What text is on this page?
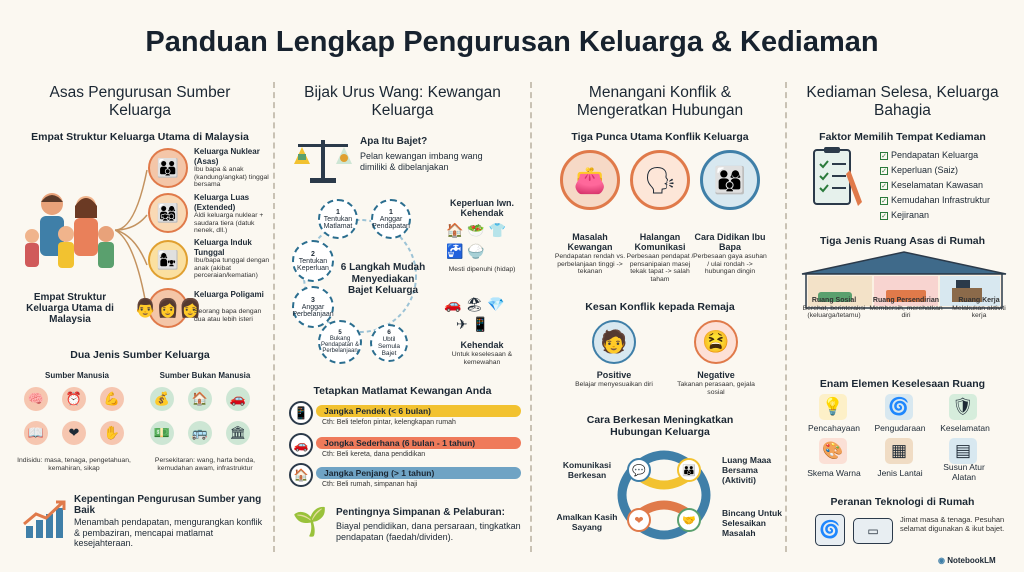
Panduan Lengkap Pengurusan Keluarga & Kediaman
Asas Pengurusan Sumber Keluarga
Empat Struktur Keluarga Utama di Malaysia
Empat Struktur Keluarga Utama di Malaysia
👪
Keluarga Nuklear (Asas)
Ibu bapa & anak (kandung/angkat) tinggal bersama
👨‍👩‍👧‍👦
Keluarga Luas (Extended)
Aldi keluarga nuklear + saudara tiera (datuk nenek, dll.)
👩‍👧
Keluarga Induk Tunggal
Ibu/bapa tunggal dengan anak (akibat perceraian/kematian)
👨‍👩‍👩
Keluarga Poligami
Seorang bapa dengan dua atau lebih isteri
Dua Jenis Sumber Keluarga
Sumber Manusia	Sumber Bukan Manusia
🧠	⏰	💪
📖	❤	✋
💰	🏠	🚗
💵	🚌	🏛
Indisidu: masa, tenaga, pengetahuan, kemahiran, sikap
Persekitaran: wang, harta benda, kemudahan awam, infrastruktur
Kepentingan Pengurusan Sumber yang Baik
Menambah pendapatan, mengurangkan konflik & pembaziran, mencapai matlamat kesejahteraan.
Bijak Urus Wang: Kewangan Keluarga
Apa Itu Bajet?
Pelan kewangan imbang wang dimiliki & dibelanjakan
1
Tentukan Matlamat
1
Anggar Pendapatan
2
Tentukan Keperluan
3
Anggar Perbelanjaan
5
Bukang Pendapatan & Perbelanjaan
6
Ubtil Semula Bajet
6 Langkah Mudah Menyediakan Bajet Keluarga
Keperluan lwn. Kehendak
🏠🥗👕
🚰🍚
Mesti dipenuhi (hidap)
🚗🏖💎
✈📱
Kehendak
Untuk keselesaan & kemewahan
Tetapkan Matlamat Kewangan Anda
📱	Jangka Pendek (< 6 bulan)
Cth: Beli telefon pintar, kelengkapan rumah
🚗	Jongka Sederhana (6 bulan - 1 tahun)
Cth: Beli kereta, dana pendidikan
🏠	Jangka Penjang (> 1 tahun)
Cth: Beli rumah, simpanan haji
🌱 Pentingnya Simpanan & Pelaburan:
Biayal pendidikan, dana persaraan, tingkatkan pendapatan (faedah/dividen).
Menangani Konflik & Mengeratkan Hubungan
Tiga Punca Utama Konflik Keluarga
👛	🗣	👨‍👩‍👦
Masalah Kewangan
Pendapatan rendah vs. perbelanjaan tinggi -> tekanan
Halangan Komunikasi
Perbesaan pendapat / pensanipaian masej tekak tapat -> salah taham
Cara Didikan Ibu Bapa
Perbesaan gaya asuhan / ulai rondah -> hubungan dingin
Kesan Konflik kepada Remaja
🧑	😫
Positive
Belajar menyesuaikan diri
Negative
Takanan perasaan, gejala sosial
Cara Berkesan Meningkatkan Hubungan Keluarga
💬	👪
❤	🤝
Komunikasi Berkesan
Luang Maaa Bersama (Aktiviti)
Amalkan Kasih Sayang
Bincang Untuk Selesaikan Masalah
Kediaman Selesa, Keluarga Bahagia
Faktor Memilih Tempat Kediaman
✓ Pendapatan Keluarga
✓ Keperluan (Saiz)
✓ Keselamatan Kawasan
✓ Kemudahan Infrastruktur
✓ Kejiranan
Tiga Jenis Ruang Asas di Rumah
Ruang Sosial
Berehat, berinteraksi (keluarga/tetamu)
Ruang Persendirian
Membersih, merehatkan diri
Ruang Kerja
Melakukan aktiviti kerja
Enam Elemen Keselesaan Ruang
💡	🌀	🛡
Pencahayaan	Pengudaraan	Keselamatan
🎨	▦	▤
Skema Warna	Jenis Lantai
Susun Atur Alatan
Peranan Teknologi di Rumah
🌀	▭
Jimat masa & tenaga. Pesuhan selamat digunakan & ikut bajet.
◉ NotebookLM
